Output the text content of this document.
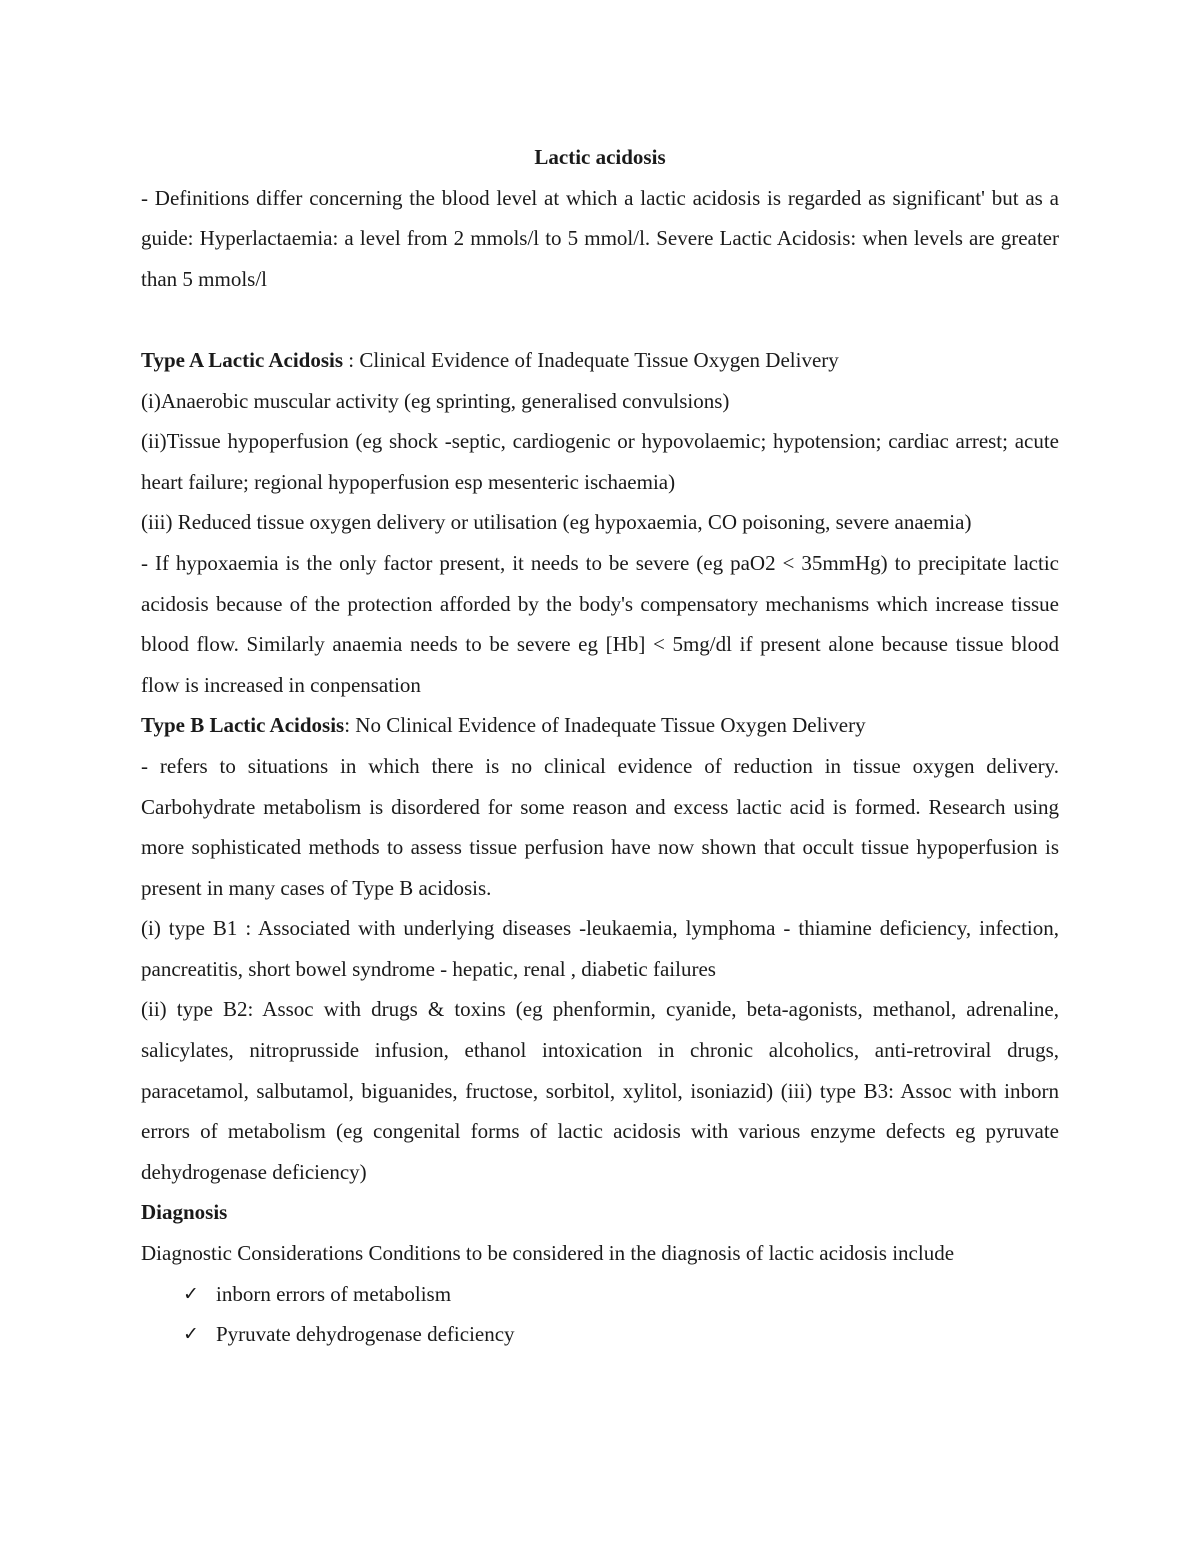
Lactic acidosis

- Definitions differ concerning the blood level at which a lactic acidosis is regarded as significant' but as a guide: Hyperlactaemia: a level from 2 mmols/l to 5 mmol/l. Severe Lactic Acidosis: when levels are greater than 5 mmols/l

Type A Lactic Acidosis : Clinical Evidence of Inadequate Tissue Oxygen Delivery

(i)Anaerobic muscular activity (eg sprinting, generalised convulsions)

(ii)Tissue hypoperfusion (eg shock -septic, cardiogenic or hypovolaemic; hypotension; cardiac arrest; acute heart failure; regional hypoperfusion esp mesenteric ischaemia)

(iii) Reduced tissue oxygen delivery or utilisation (eg hypoxaemia, CO poisoning, severe anaemia)

- If hypoxaemia is the only factor present, it needs to be severe (eg paO2 < 35mmHg) to precipitate lactic acidosis because of the protection afforded by the body's compensatory mechanisms which increase tissue blood flow. Similarly anaemia needs to be severe eg [Hb] < 5mg/dl if present alone because tissue blood flow is increased in conpensation

Type B Lactic Acidosis: No Clinical Evidence of Inadequate Tissue Oxygen Delivery

- refers to situations in which there is no clinical evidence of reduction in tissue oxygen delivery. Carbohydrate metabolism is disordered for some reason and excess lactic acid is formed. Research using more sophisticated methods to assess tissue perfusion have now shown that occult tissue hypoperfusion is present in many cases of Type B acidosis.

(i) type B1 : Associated with underlying diseases -leukaemia, lymphoma - thiamine deficiency, infection, pancreatitis, short bowel syndrome - hepatic, renal , diabetic failures

(ii) type B2: Assoc with drugs & toxins (eg phenformin, cyanide, beta-agonists, methanol, adrenaline, salicylates, nitroprusside infusion, ethanol intoxication in chronic alcoholics, anti-retroviral drugs, paracetamol, salbutamol, biguanides, fructose, sorbitol, xylitol, isoniazid) (iii) type B3: Assoc with inborn errors of metabolism (eg congenital forms of lactic acidosis with various enzyme defects eg pyruvate dehydrogenase deficiency)

Diagnosis

Diagnostic Considerations Conditions to be considered in the diagnosis of lactic acidosis include

✓ inborn errors of metabolism
✓ Pyruvate dehydrogenase deficiency
